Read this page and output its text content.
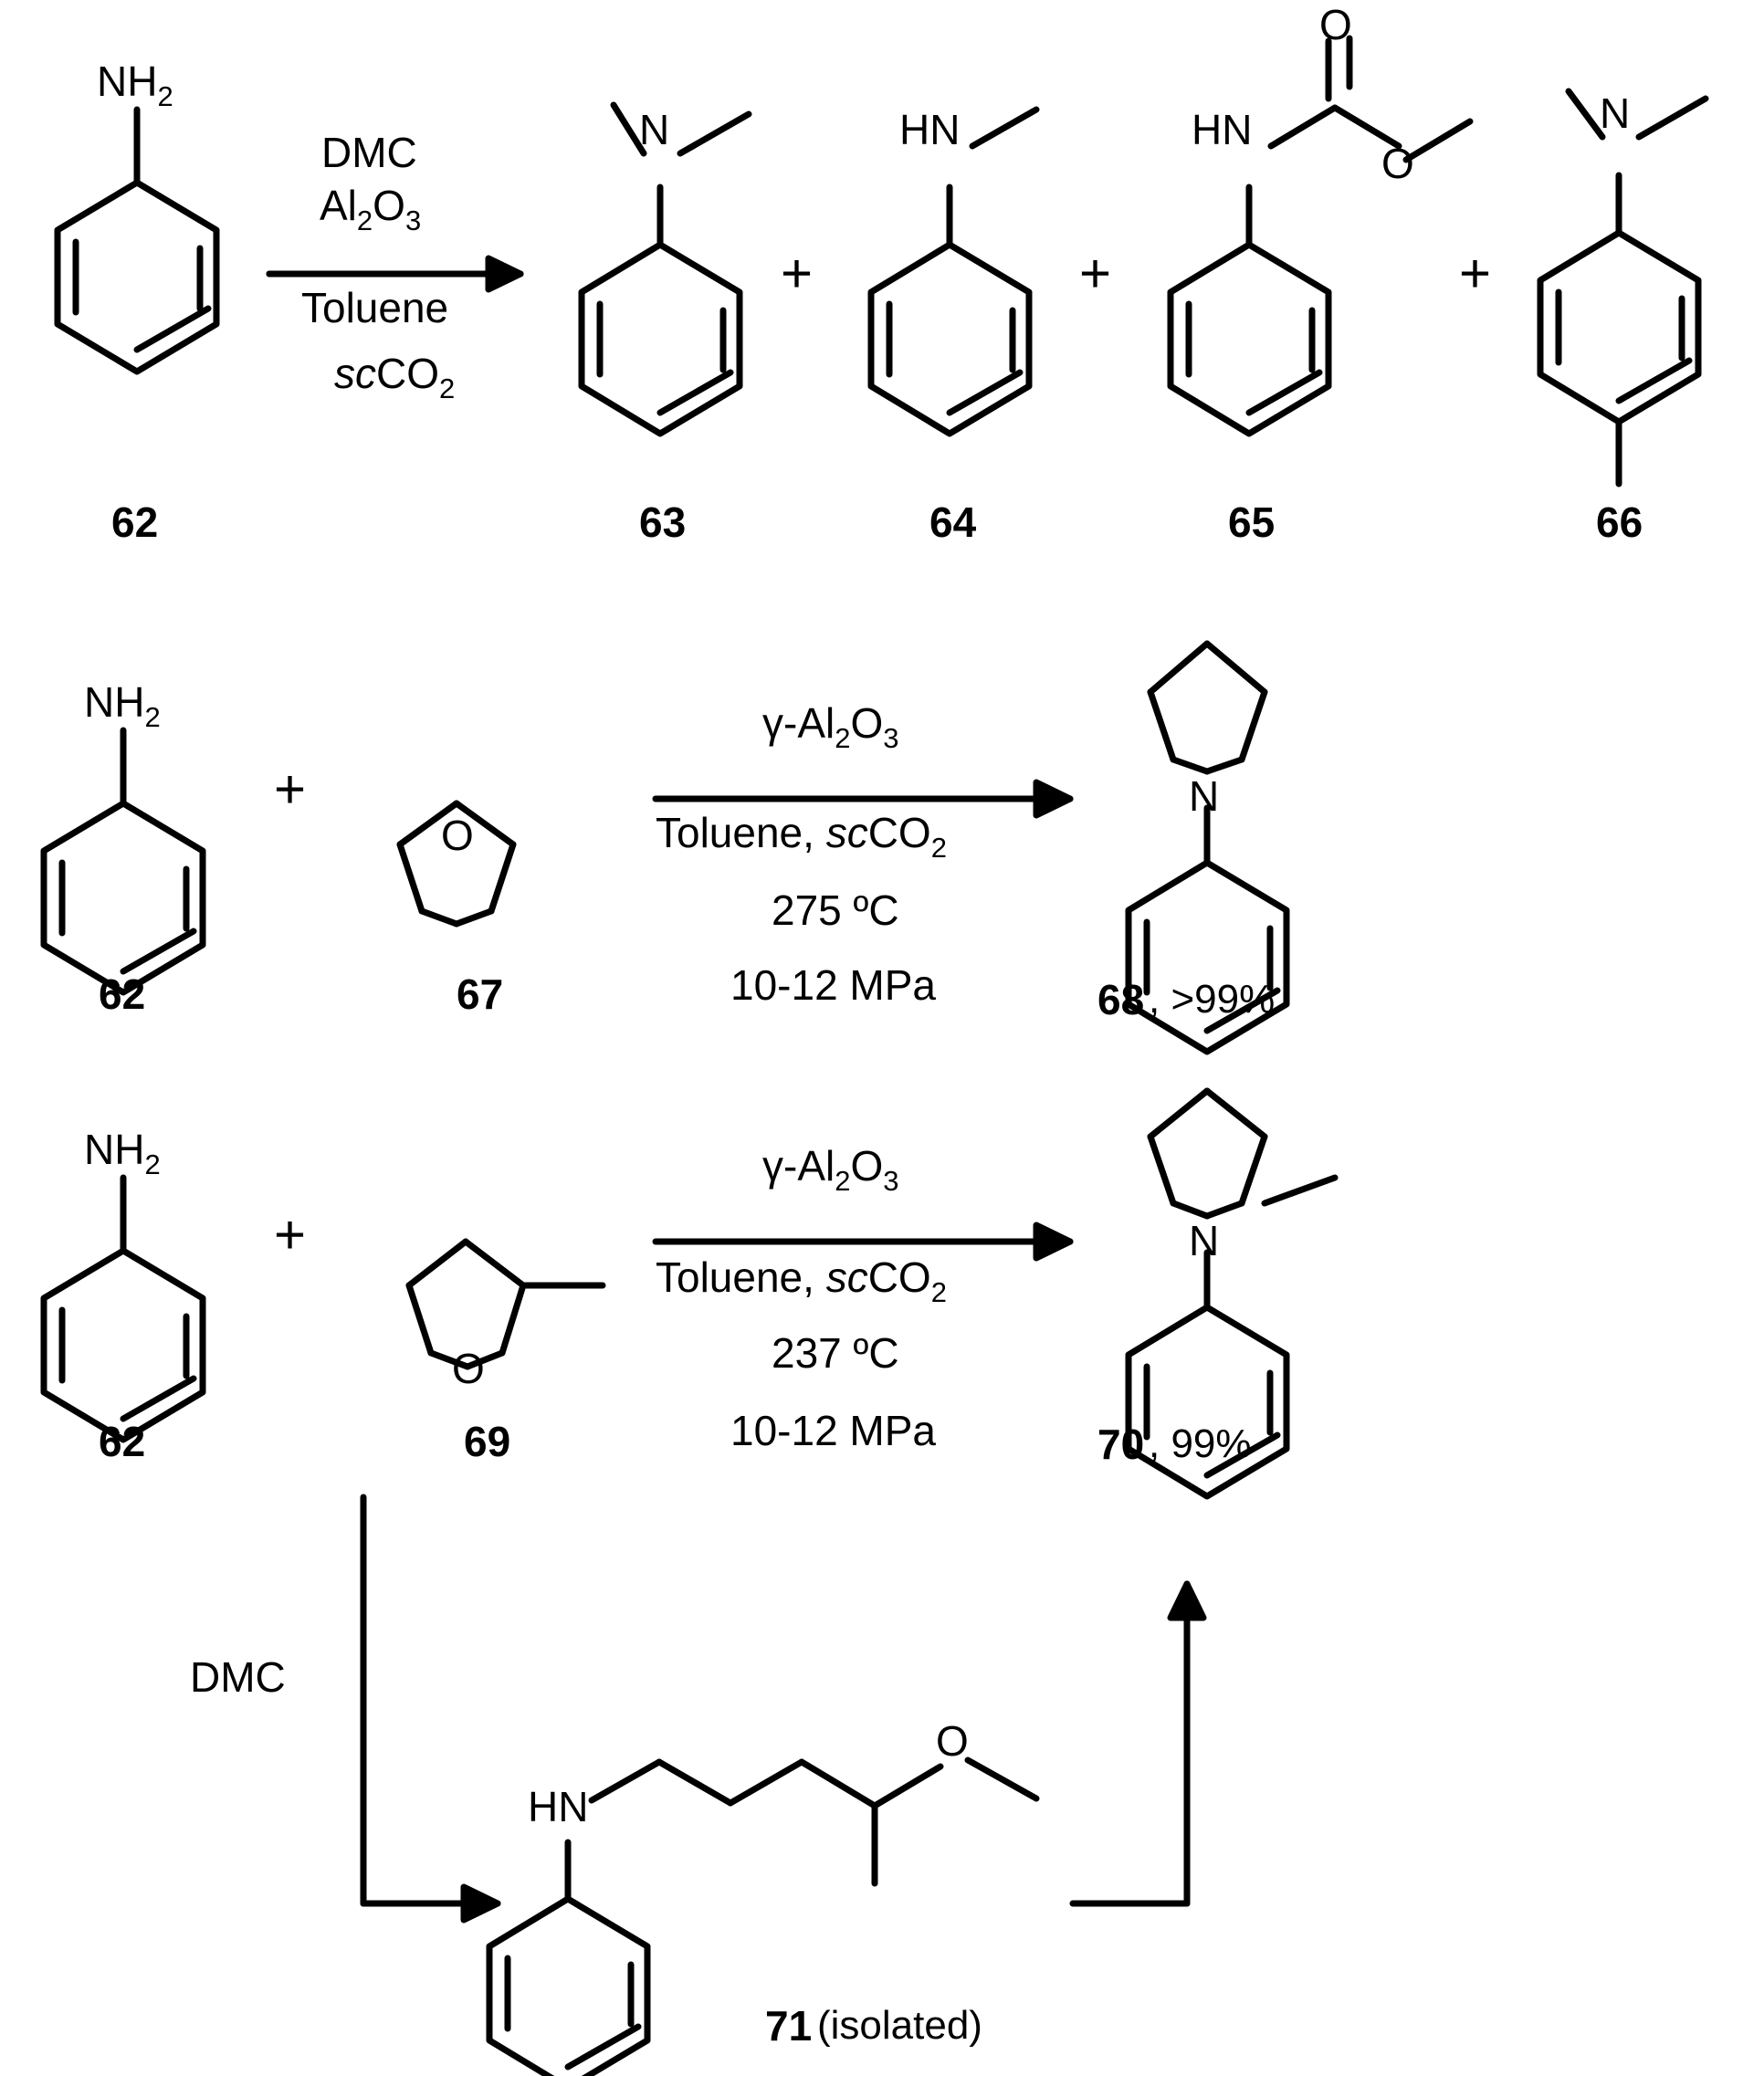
$NH_2$
62
DMC
$Al_2O_3$
Toluene
scCO$_2$
N
63
+
HN
64
+
HN
O
O
65
+
N
66
$NH_2$
62
+
O
67
$\gamma-Al_2O_3$
Toluene, scCO$_2$
275 ºC
10-12 MPa
N
68 , >99%
$NH_2$
62
+
O
69
$\gamma-Al_2O_3$
Toluene, scCO$_2$
237 ºC
10-12 MPa
N
70 , 99%
DMC
HN
O
71 (isolated)
